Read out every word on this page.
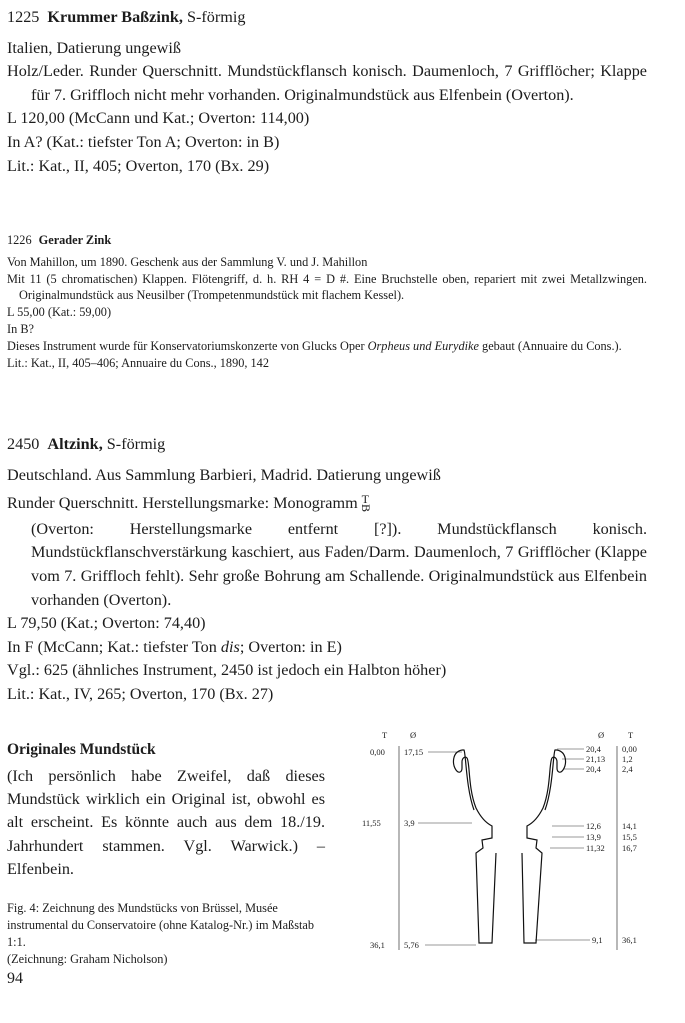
1225 Krummer Baßzink, S-förmig

Italien, Datierung ungewiß

Holz/Leder. Runder Querschnitt. Mundstückflansch konisch. Daumenloch, 7 Grifflöcher; Klappe für 7. Griffloch nicht mehr vorhanden. Originalmundstück aus Elfenbein (Overton).

L 120,00 (McCann und Kat.; Overton: 114,00)

In A? (Kat.: tiefster Ton A; Overton: in B)

Lit.: Kat., II, 405; Overton, 170 (Bx. 29)

1226 Gerader Zink

Von Mahillon, um 1890. Geschenk aus der Sammlung V. und J. Mahillon

Mit 11 (5 chromatischen) Klappen. Flötengriff, d. h. RH 4 = D #. Eine Bruchstelle oben, repariert mit zwei Metallzwingen. Originalmundstück aus Neusilber (Trompetenmundstück mit flachem Kessel).

L 55,00 (Kat.: 59,00)

In B?

Dieses Instrument wurde für Konservatoriumskonzerte von Glucks Oper Orpheus und Eurydike gebaut (Annuaire du Cons.).

Lit.: Kat., II, 405–406; Annuaire du Cons., 1890, 142

2450 Altzink, S-förmig

Deutschland. Aus Sammlung Barbieri, Madrid. Datierung ungewiß

Runder Querschnitt. Herstellungsmarke: Monogramm T
B

(Overton: Herstellungsmarke entfernt [?]). Mundstückflansch konisch. Mundstückflanschverstärkung kaschiert, aus Faden/Darm. Daumenloch, 7 Grifflöcher (Klappe vom 7. Griffloch fehlt). Sehr große Bohrung am Schallende. Originalmundstück aus Elfenbein vorhanden (Overton).

L 79,50 (Kat.; Overton: 74,40)

In F (McCann; Kat.: tiefster Ton dis; Overton: in E)

Vgl.: 625 (ähnliches Instrument, 2450 ist jedoch ein Halbton höher)

Lit.: Kat., IV, 265; Overton, 170 (Bx. 27)

Originales Mundstück
(Ich persönlich habe Zweifel, daß dieses Mundstück wirklich ein Original ist, obwohl es alt erscheint. Es könnte auch aus dem 18./19. Jahrhundert stammen. Vgl. Warwick.) – Elfenbein.
Fig. 4: Zeichnung des Mundstücks von Brüssel, Musée instrumental du Conservatoire (ohne Katalog-Nr.) im Maßstab 1:1.
(Zeichnung: Graham Nicholson)
T	Ø	Ø	T
0,00 17,15
11,55	3,9
36,1 5,76
20,4 0,00
21,13 1,2
20,4 2,4
12,6 14,1
13,9 15,5
11,32 16,7
9,1 36,1
94
